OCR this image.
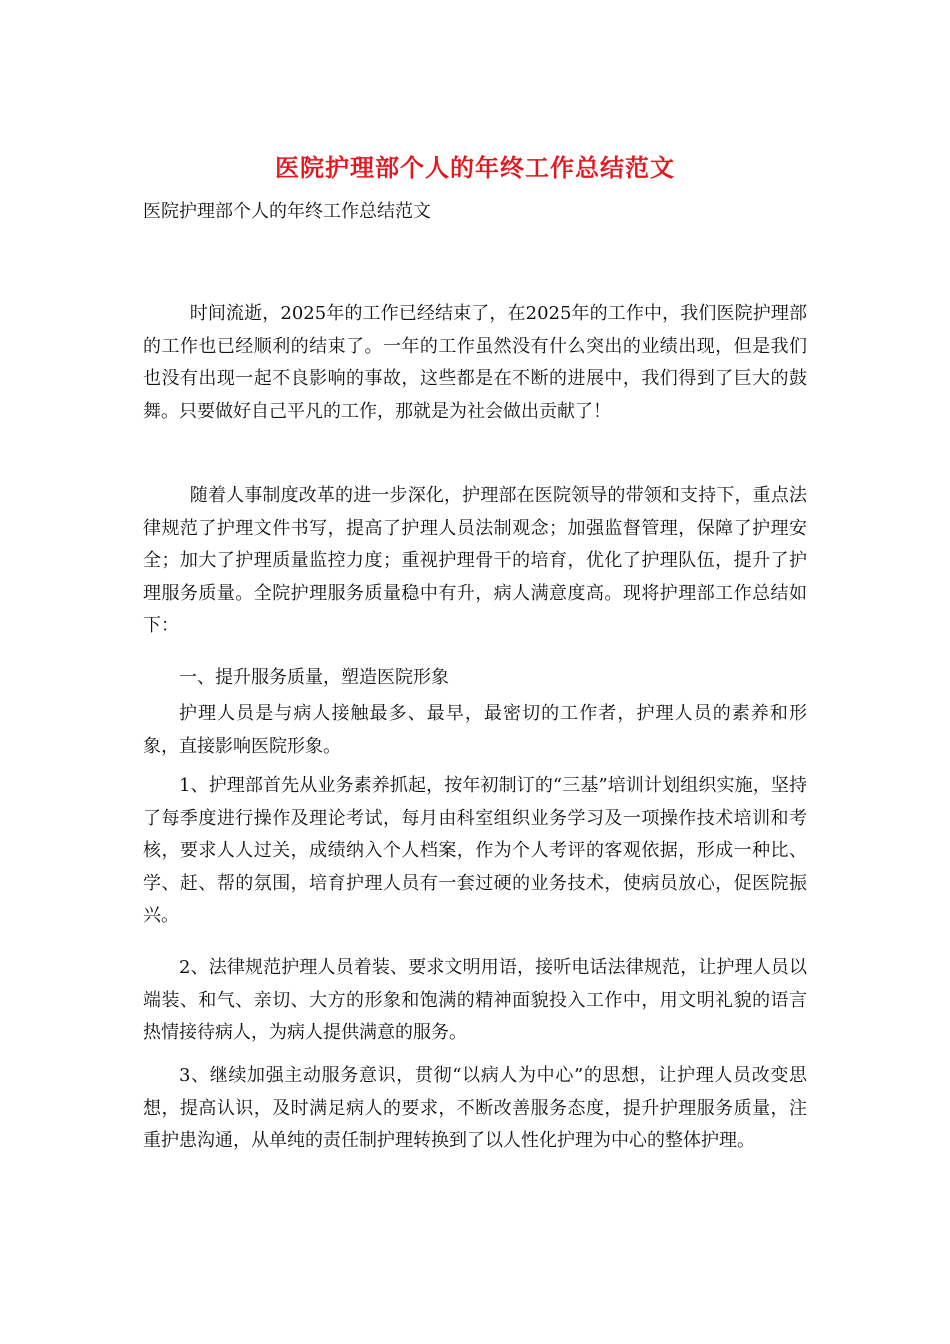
医院护理部个人的年终工作总结范文
医院护理部个人的年终工作总结范文

时间流逝，2025年的工作已经结束了，在2025年的工作中，我们医院护理部的工作也已经顺利的结束了。一年的工作虽然没有什么突出的业绩出现，但是我们也没有出现一起不良影响的事故，这些都是在不断的进展中，我们得到了巨大的鼓舞。只要做好自己平凡的工作，那就是为社会做出贡献了！

随着人事制度改革的进一步深化，护理部在医院领导的带领和支持下，重点法律规范了护理文件书写，提高了护理人员法制观念；加强监督管理，保障了护理安全；加大了护理质量监控力度；重视护理骨干的培育，优化了护理队伍，提升了护理服务质量。全院护理服务质量稳中有升，病人满意度高。现将护理部工作总结如下：

一、提升服务质量，塑造医院形象

护理人员是与病人接触最多、最早，最密切的工作者，护理人员的素养和形象，直接影响医院形象。

1、护理部首先从业务素养抓起，按年初制订的“三基”培训计划组织实施，坚持了每季度进行操作及理论考试，每月由科室组织业务学习及一项操作技术培训和考核，要求人人过关，成绩纳入个人档案，作为个人考评的客观依据，形成一种比、学、赶、帮的氛围，培育护理人员有一套过硬的业务技术，使病员放心，促医院振兴。

2、法律规范护理人员着装、要求文明用语，接听电话法律规范，让护理人员以端装、和气、亲切、大方的形象和饱满的精神面貌投入工作中，用文明礼貌的语言热情接待病人，为病人提供满意的服务。

3、继续加强主动服务意识，贯彻“以病人为中心”的思想，让护理人员改变思想，提高认识，及时满足病人的要求，不断改善服务态度，提升护理服务质量，注重护患沟通，从单纯的责任制护理转换到了以人性化护理为中心的整体护理。
